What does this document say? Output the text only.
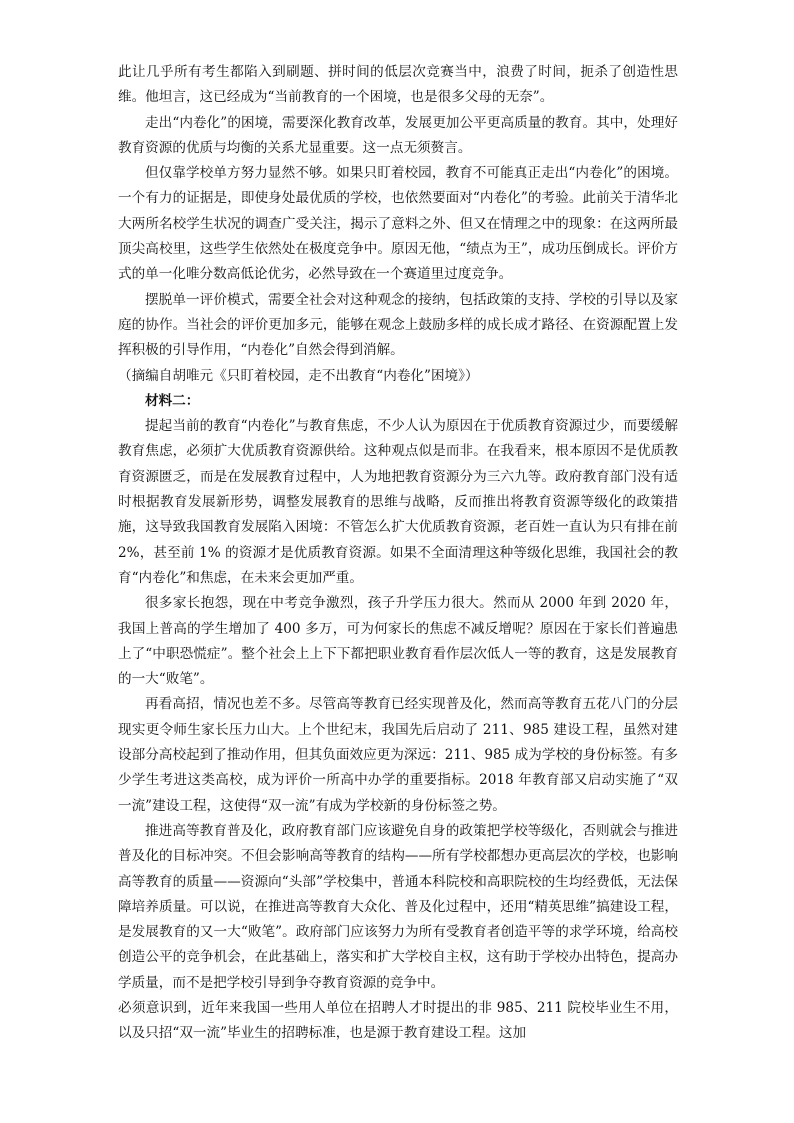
此让几乎所有考生都陷入到刷题、拼时间的低层次竞赛当中，浪费了时间，扼杀了创造性思维。他坦言，这已经成为“当前教育的一个困境，也是很多父母的无奈”。

走出“内卷化”的困境，需要深化教育改革，发展更加公平更高质量的教育。其中，处理好教育资源的优质与均衡的关系尤显重要。这一点无须赘言。

但仅靠学校单方努力显然不够。如果只盯着校园，教育不可能真正走出“内卷化”的困境。一个有力的证据是，即使身处最优质的学校，也依然要面对“内卷化”的考验。此前关于清华北大两所名校学生状况的调查广受关注，揭示了意料之外、但又在情理之中的现象：在这两所最顶尖高校里，这些学生依然处在极度竞争中。原因无他，“绩点为王”，成功压倒成长。评价方式的单一化唯分数高低论优劣，必然导致在一个赛道里过度竞争。

摆脱单一评价模式，需要全社会对这种观念的接纳，包括政策的支持、学校的引导以及家庭的协作。当社会的评价更加多元，能够在观念上鼓励多样的成长成才路径、在资源配置上发挥积极的引导作用，“内卷化”自然会得到消解。

（摘编自胡唯元《只盯着校园，走不出教育“内卷化”困境》）

材料二：

提起当前的教育“内卷化”与教育焦虑，不少人认为原因在于优质教育资源过少，而要缓解教育焦虑，必须扩大优质教育资源供给。这种观点似是而非。在我看来，根本原因不是优质教育资源匮乏，而是在发展教育过程中，人为地把教育资源分为三六九等。政府教育部门没有适时根据教育发展新形势，调整发展教育的思维与战略，反而推出将教育资源等级化的政策措施，这导致我国教育发展陷入困境：不管怎么扩大优质教育资源，老百姓一直认为只有排在前 2%，甚至前 1% 的资源才是优质教育资源。如果不全面清理这种等级化思维，我国社会的教育“内卷化”和焦虑，在未来会更加严重。

很多家长抱怨，现在中考竞争激烈，孩子升学压力很大。然而从 2000 年到 2020 年，我国上普高的学生增加了 400 多万，可为何家长的焦虑不减反增呢？原因在于家长们普遍患上了“中职恐慌症”。整个社会上上下下都把职业教育看作层次低人一等的教育，这是发展教育的一大“败笔”。

再看高招，情况也差不多。尽管高等教育已经实现普及化，然而高等教育五花八门的分层现实更令师生家长压力山大。上个世纪末，我国先后启动了 211、985 建设工程，虽然对建设部分高校起到了推动作用，但其负面效应更为深远：211、985 成为学校的身份标签。有多少学生考进这类高校，成为评价一所高中办学的重要指标。2018 年教育部又启动实施了“双一流”建设工程，这使得“双一流”有成为学校新的身份标签之势。

推进高等教育普及化，政府教育部门应该避免自身的政策把学校等级化，否则就会与推进普及化的目标冲突。不但会影响高等教育的结构——所有学校都想办更高层次的学校，也影响高等教育的质量——资源向“头部”学校集中，普通本科院校和高职院校的生均经费低，无法保障培养质量。可以说，在推进高等教育大众化、普及化过程中，还用“精英思维”搞建设工程，是发展教育的又一大“败笔”。政府部门应该努力为所有受教育者创造平等的求学环境，给高校创造公平的竞争机会，在此基础上，落实和扩大学校自主权，这有助于学校办出特色，提高办学质量，而不是把学校引导到争夺教育资源的竞争中。

必须意识到，近年来我国一些用人单位在招聘人才时提出的非 985、211 院校毕业生不用，以及只招“双一流”毕业生的招聘标准，也是源于教育建设工程。这加
